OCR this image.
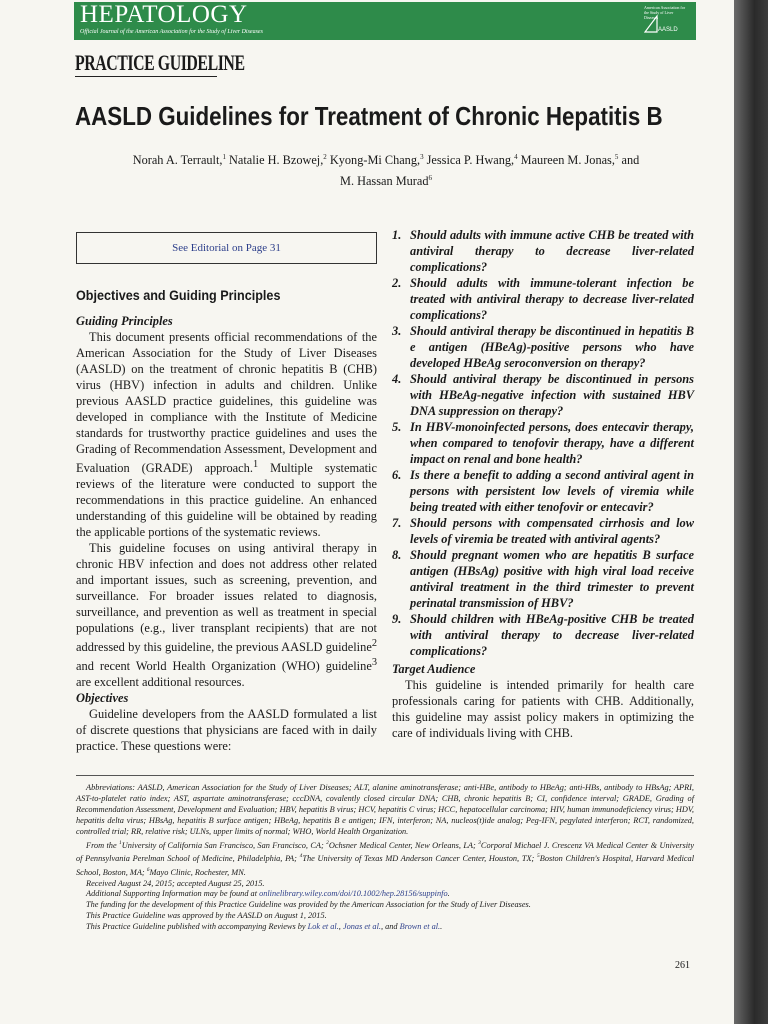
HEPATOLOGY
Official Journal of the American Association for the Study of Liver Diseases
American Association for the Study of Liver Diseases
AASLD
PRACTICE GUIDELINE
AASLD Guidelines for Treatment of Chronic Hepatitis B
Norah A. Terrault,$^1$ Natalie H. Bzowej,$^2$ Kyong-Mi Chang,$^3$ Jessica P. Hwang,$^4$ Maureen M. Jonas,$^5$ and
M. Hassan Murad$^6$
See Editorial on Page 31
Objectives and Guiding Principles
Guiding Principles

This document presents official recommendations of the American Association for the Study of Liver Diseases (AASLD) on the treatment of chronic hepatitis B (CHB) virus (HBV) infection in adults and children. Unlike previous AASLD practice guidelines, this guideline was developed in compliance with the Institute of Medicine standards for trustworthy practice guidelines and uses the Grading of Recommendation Assessment, Development and Evaluation (GRADE) approach.$^1$ Multiple systematic reviews of the literature were conducted to support the recommendations in this practice guideline. An enhanced understanding of this guideline will be obtained by reading the applicable portions of the systematic reviews.

This guideline focuses on using antiviral therapy in chronic HBV infection and does not address other related and important issues, such as screening, prevention, and surveillance. For broader issues related to diagnosis, surveillance, and prevention as well as treatment in special populations (e.g., liver transplant recipients) that are not addressed by this guideline, the previous AASLD guideline$^2$ and recent World Health Organization (WHO) guideline$^3$ are excellent additional resources.

Objectives

Guideline developers from the AASLD formulated a list of discrete questions that physicians are faced with in daily practice. These questions were:

1. Should adults with immune active CHB be treated with antiviral therapy to decrease liver-related complications?
2. Should adults with immune-tolerant infection be treated with antiviral therapy to decrease liver-related complications?
3. Should antiviral therapy be discontinued in hepatitis B e antigen (HBeAg)-positive persons who have developed HBeAg seroconversion on therapy?
4. Should antiviral therapy be discontinued in persons with HBeAg-negative infection with sustained HBV DNA suppression on therapy?
5. In HBV-monoinfected persons, does entecavir therapy, when compared to tenofovir therapy, have a different impact on renal and bone health?
6. Is there a benefit to adding a second antiviral agent in persons with persistent low levels of viremia while being treated with either tenofovir or entecavir?
7. Should persons with compensated cirrhosis and low levels of viremia be treated with antiviral agents?
8. Should pregnant women who are hepatitis B surface antigen (HBsAg) positive with high viral load receive antiviral treatment in the third trimester to prevent perinatal transmission of HBV?
9. Should children with HBeAg-positive CHB be treated with antiviral therapy to decrease liver-related complications?
Target Audience

This guideline is intended primarily for health care professionals caring for patients with CHB. Additionally, this guideline may assist policy makers in optimizing the care of individuals living with CHB.

Abbreviations: AASLD, American Association for the Study of Liver Diseases; ALT, alanine aminotransferase; anti-HBe, antibody to HBeAg; anti-HBs, antibody to HBsAg; APRI, AST-to-platelet ratio index; AST, aspartate aminotransferase; cccDNA, covalently closed circular DNA; CHB, chronic hepatitis B; CI, confidence interval; GRADE, Grading of Recommendation Assessment, Development and Evaluation; HBV, hepatitis B virus; HCV, hepatitis C virus; HCC, hepatocellular carcinoma; HIV, human immunodeficiency virus; HDV, hepatitis delta virus; HBsAg, hepatitis B surface antigen; HBeAg, hepatitis B e antigen; IFN, interferon; NA, nucleos(t)ide analog; Peg-IFN, pegylated interferon; RCT, randomized, controlled trial; RR, relative risk; ULNs, upper limits of normal; WHO, World Health Organization.

From the $^1$University of California San Francisco, San Francisco, CA; $^2$Ochsner Medical Center, New Orleans, LA; $^3$Corporal Michael J. Crescenz VA Medical Center & University of Pennsylvania Perelman School of Medicine, Philadelphia, PA; $^4$The University of Texas MD Anderson Cancer Center, Houston, TX; $^5$Boston Children's Hospital, Harvard Medical School, Boston, MA; $^6$Mayo Clinic, Rochester, MN.

Received August 24, 2015; accepted August 25, 2015.

Additional Supporting Information may be found at onlinelibrary.wiley.com/doi/10.1002/hep.28156/suppinfo.

The funding for the development of this Practice Guideline was provided by the American Association for the Study of Liver Diseases.

This Practice Guideline was approved by the AASLD on August 1, 2015.

This Practice Guideline published with accompanying Reviews by Lok et al., Jonas et al., and Brown et al..

261
